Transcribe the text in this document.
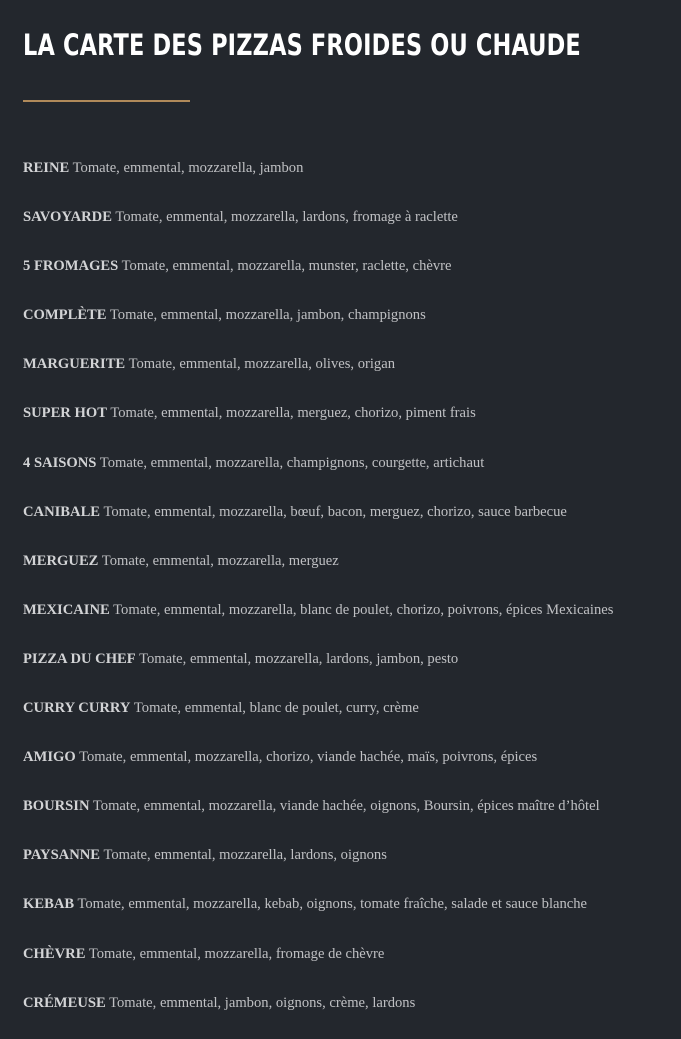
LA CARTE DES PIZZAS FROIDES OU CHAUDE
REINE Tomate, emmental, mozzarella, jambon
SAVOYARDE Tomate, emmental, mozzarella, lardons, fromage à raclette
5 FROMAGES Tomate, emmental, mozzarella, munster, raclette, chèvre
COMPLÈTE Tomate, emmental, mozzarella, jambon, champignons
MARGUERITE Tomate, emmental, mozzarella, olives, origan
SUPER HOT Tomate, emmental, mozzarella, merguez, chorizo, piment frais
4 SAISONS Tomate, emmental, mozzarella, champignons, courgette, artichaut
CANIBALE Tomate, emmental, mozzarella, bœuf, bacon, merguez, chorizo, sauce barbecue
MERGUEZ Tomate, emmental, mozzarella, merguez
MEXICAINE Tomate, emmental, mozzarella, blanc de poulet, chorizo, poivrons, épices Mexicaines
PIZZA DU CHEF Tomate, emmental, mozzarella, lardons, jambon, pesto
CURRY CURRY Tomate, emmental, blanc de poulet, curry, crème
AMIGO Tomate, emmental, mozzarella, chorizo, viande hachée, maïs, poivrons, épices
BOURSIN Tomate, emmental, mozzarella, viande hachée, oignons, Boursin, épices maître d’hôtel
PAYSANNE Tomate, emmental, mozzarella, lardons, oignons
KEBAB Tomate, emmental, mozzarella, kebab, oignons, tomate fraîche, salade et sauce blanche
CHÈVRE Tomate, emmental, mozzarella, fromage de chèvre
CRÉMEUSE Tomate, emmental, jambon, oignons, crème, lardons
